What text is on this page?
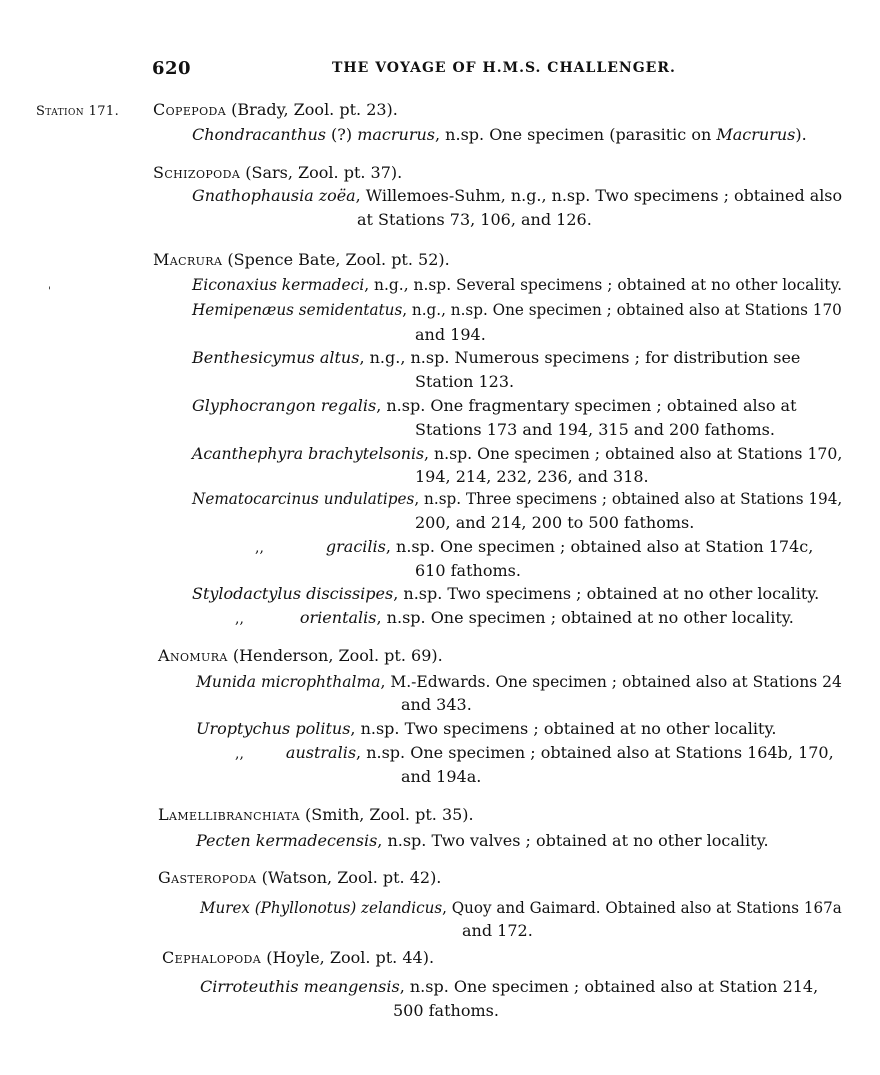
620	THE VOYAGE OF H.M.S. CHALLENGER.
Station 171.
'
Copepoda (Brady, Zool. pt. 23).
Chondracanthus (?) macrurus, n.sp. One specimen (parasitic on Macrurus).
Schizopoda (Sars, Zool. pt. 37).
Gnathophausia zoëa, Willemoes-Suhm, n.g., n.sp. Two specimens ; obtained also
at Stations 73, 106, and 126.
Macrura (Spence Bate, Zool. pt. 52).
Eiconaxius kermadeci, n.g., n.sp. Several specimens ; obtained at no other locality.
Hemipenæus semidentatus, n.g., n.sp. One specimen ; obtained also at Stations 170
and 194.
Benthesicymus altus, n.g., n.sp. Numerous specimens ; for distribution see
Station 123.
Glyphocrangon regalis, n.sp. One fragmentary specimen ; obtained also at
Stations 173 and 194, 315 and 200 fathoms.
Acanthephyra brachytelsonis, n.sp. One specimen ; obtained also at Stations 170,
194, 214, 232, 236, and 318.
Nematocarcinus undulatipes, n.sp. Three specimens ; obtained also at Stations 194,
200, and 214, 200 to 500 fathoms.
,,	gracilis, n.sp. One specimen ; obtained also at Station 174c,
610 fathoms.
Stylodactylus discissipes, n.sp. Two specimens ; obtained at no other locality.
,,	orientalis, n.sp. One specimen ; obtained at no other locality.
Anomura (Henderson, Zool. pt. 69).
Munida microphthalma, M.-Edwards. One specimen ; obtained also at Stations 24
and 343.
Uroptychus politus, n.sp. Two specimens ; obtained at no other locality.
,,	australis, n.sp. One specimen ; obtained also at Stations 164b, 170,
and 194a.
Lamellibranchiata (Smith, Zool. pt. 35).
Pecten kermadecensis, n.sp. Two valves ; obtained at no other locality.
Gasteropoda (Watson, Zool. pt. 42).
Murex (Phyllonotus) zelandicus, Quoy and Gaimard. Obtained also at Stations 167a
and 172.
Cephalopoda (Hoyle, Zool. pt. 44).
Cirroteuthis meangensis, n.sp. One specimen ; obtained also at Station 214,
500 fathoms.
